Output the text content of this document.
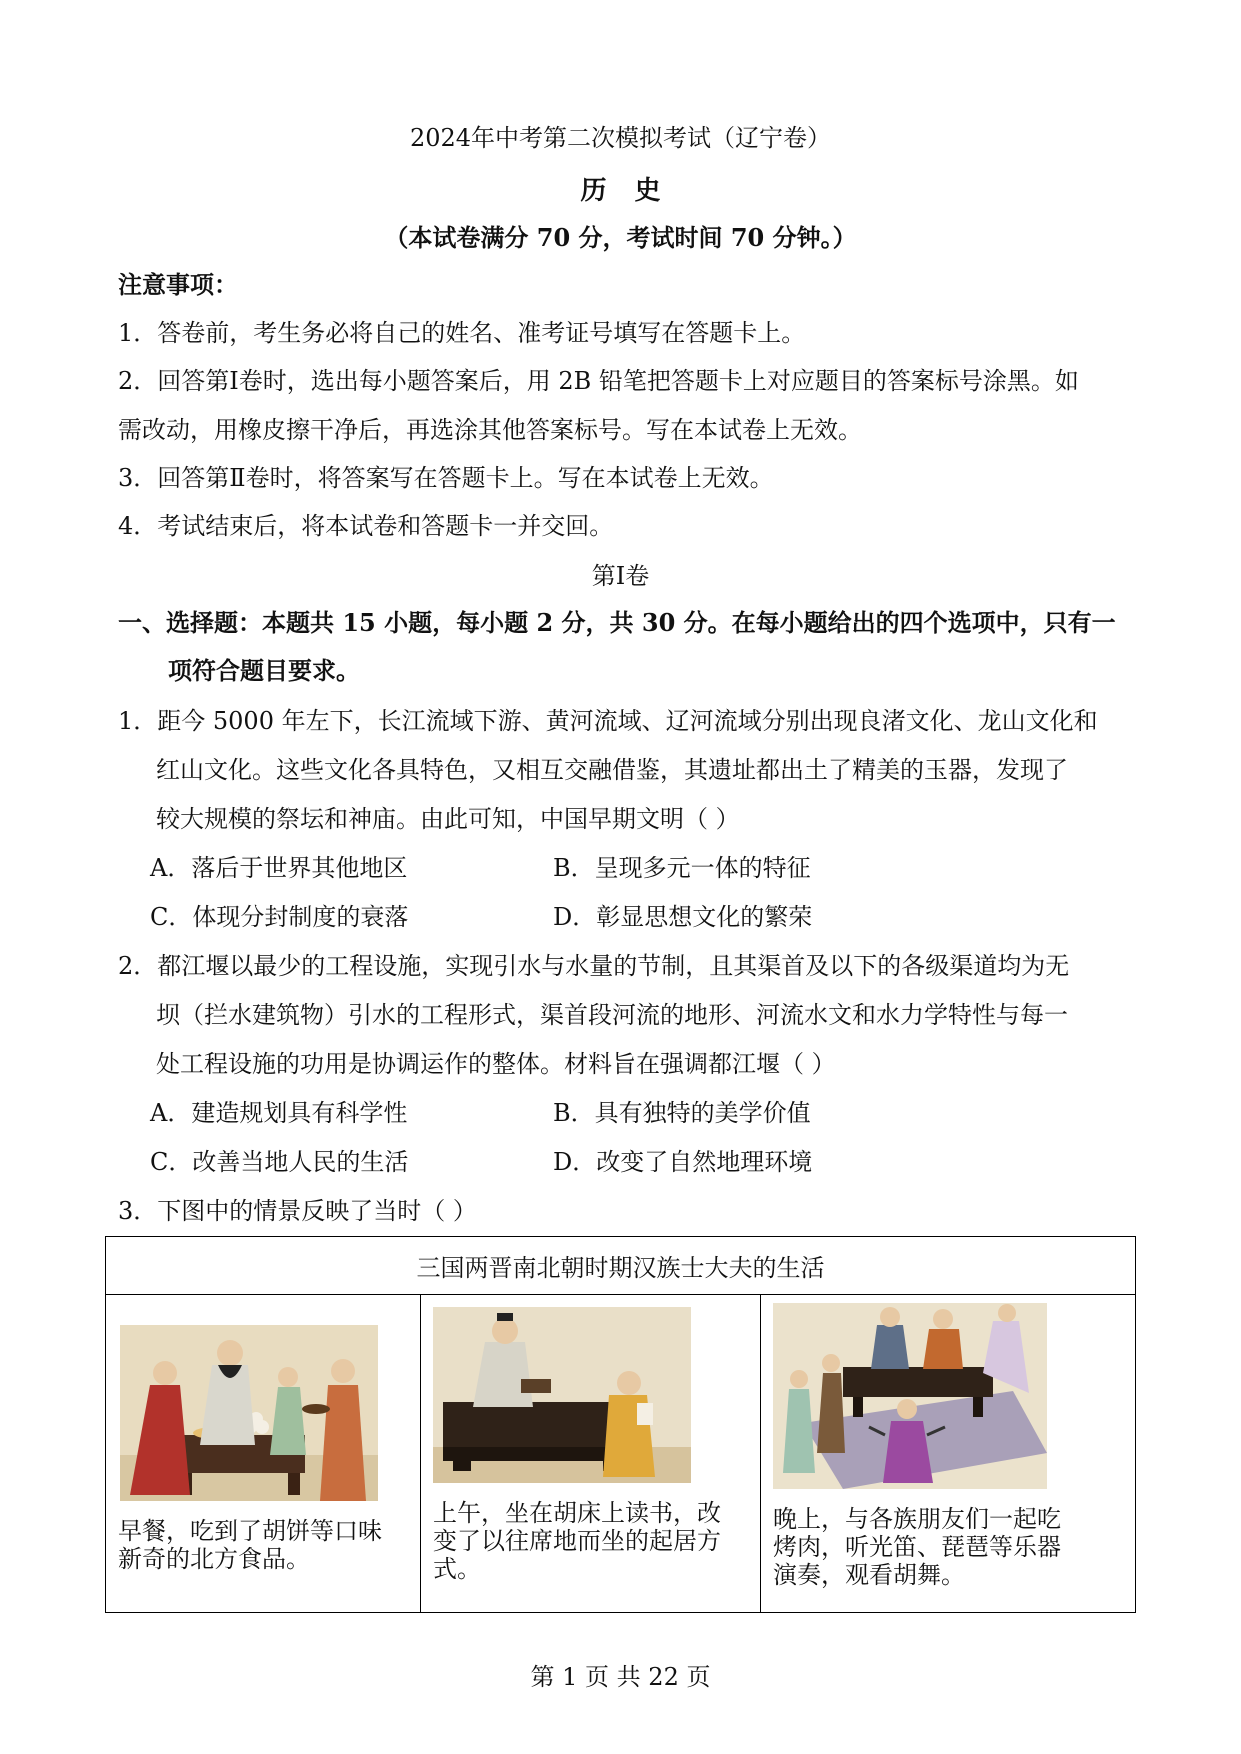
2024年中考第二次模拟考试（辽宁卷）
历史
（本试卷满分 70 分，考试时间 70 分钟。）
注意事项：
1．答卷前，考生务必将自己的姓名、准考证号填写在答题卡上。
2．回答第Ⅰ卷时，选出每小题答案后，用 2B 铅笔把答题卡上对应题目的答案标号涂黑。如
需改动，用橡皮擦干净后，再选涂其他答案标号。写在本试卷上无效。
3．回答第Ⅱ卷时，将答案写在答题卡上。写在本试卷上无效。
4．考试结束后，将本试卷和答题卡一并交回。
第Ⅰ卷
一、选择题：本题共 15 小题，每小题 2 分，共 30 分。在每小题给出的四个选项中，只有一
项符合题目要求。
1．距今 5000 年左下，长江流域下游、黄河流域、辽河流域分别出现良渚文化、龙山文化和
红山文化。这些文化各具特色，又相互交融借鉴，其遗址都出土了精美的玉器，发现了
较大规模的祭坛和神庙。由此可知，中国早期文明（ ）
A．落后于世界其他地区	B．呈现多元一体的特征
C．体现分封制度的衰落	D．彰显思想文化的繁荣
2．都江堰以最少的工程设施，实现引水与水量的节制，且其渠首及以下的各级渠道均为无
坝（拦水建筑物）引水的工程形式，渠首段河流的地形、河流水文和水力学特性与每一
处工程设施的功用是协调运作的整体。材料旨在强调都江堰（ ）
A．建造规划具有科学性	B．具有独特的美学价值
C．改善当地人民的生活	D．改变了自然地理环境
3．下图中的情景反映了当时（ ）
三国两晋南北朝时期汉族士大夫的生活

早餐，吃到了胡饼等口味新奇的北方食品。

上午，坐在胡床上读书，改变了以往席地而坐的起居方式。

晚上，与各族朋友们一起吃烤肉，听光笛、琵琶等乐器演奏，观看胡舞。
第 1 页 共 22 页
